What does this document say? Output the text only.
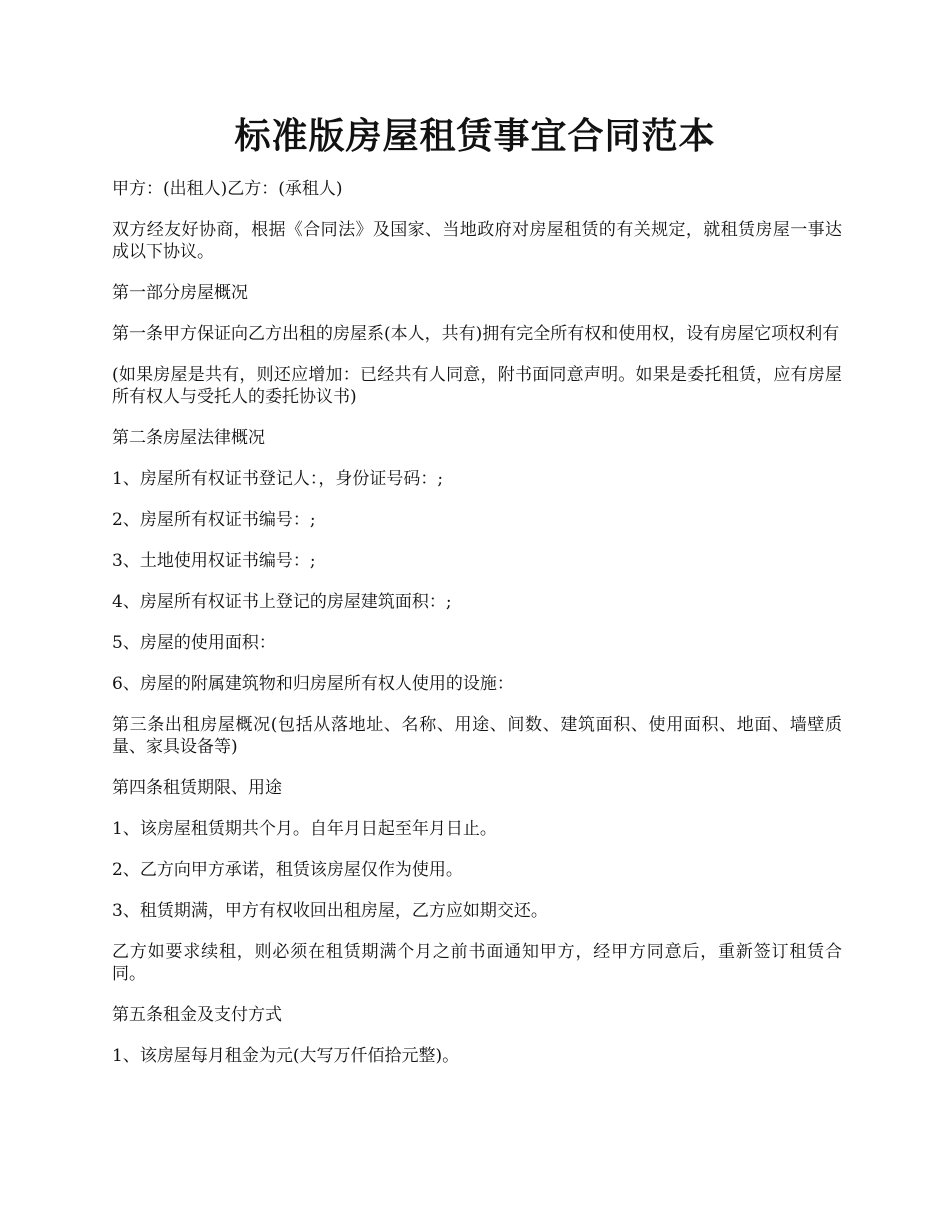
标准版房屋租赁事宜合同范本

甲方：(出租人)乙方：(承租人)

双方经友好协商，根据《合同法》及国家、当地政府对房屋租赁的有关规定，就租赁房屋一事达成以下协议。

第一部分房屋概况

第一条甲方保证向乙方出租的房屋系(本人，共有)拥有完全所有权和使用权，设有房屋它项权利有

(如果房屋是共有，则还应增加：已经共有人同意，附书面同意声明。如果是委托租赁，应有房屋所有权人与受托人的委托协议书)

第二条房屋法律概况

1、房屋所有权证书登记人：，身份证号码：;

2、房屋所有权证书编号：;

3、土地使用权证书编号：;

4、房屋所有权证书上登记的房屋建筑面积：;

5、房屋的使用面积：

6、房屋的附属建筑物和归房屋所有权人使用的设施：

第三条出租房屋概况(包括从落地址、名称、用途、间数、建筑面积、使用面积、地面、墙壁质量、家具设备等)

第四条租赁期限、用途

1、该房屋租赁期共个月。自年月日起至年月日止。

2、乙方向甲方承诺，租赁该房屋仅作为使用。

3、租赁期满，甲方有权收回出租房屋，乙方应如期交还。

乙方如要求续租，则必须在租赁期满个月之前书面通知甲方，经甲方同意后，重新签订租赁合同。

第五条租金及支付方式

1、该房屋每月租金为元(大写万仟佰拾元整)。
